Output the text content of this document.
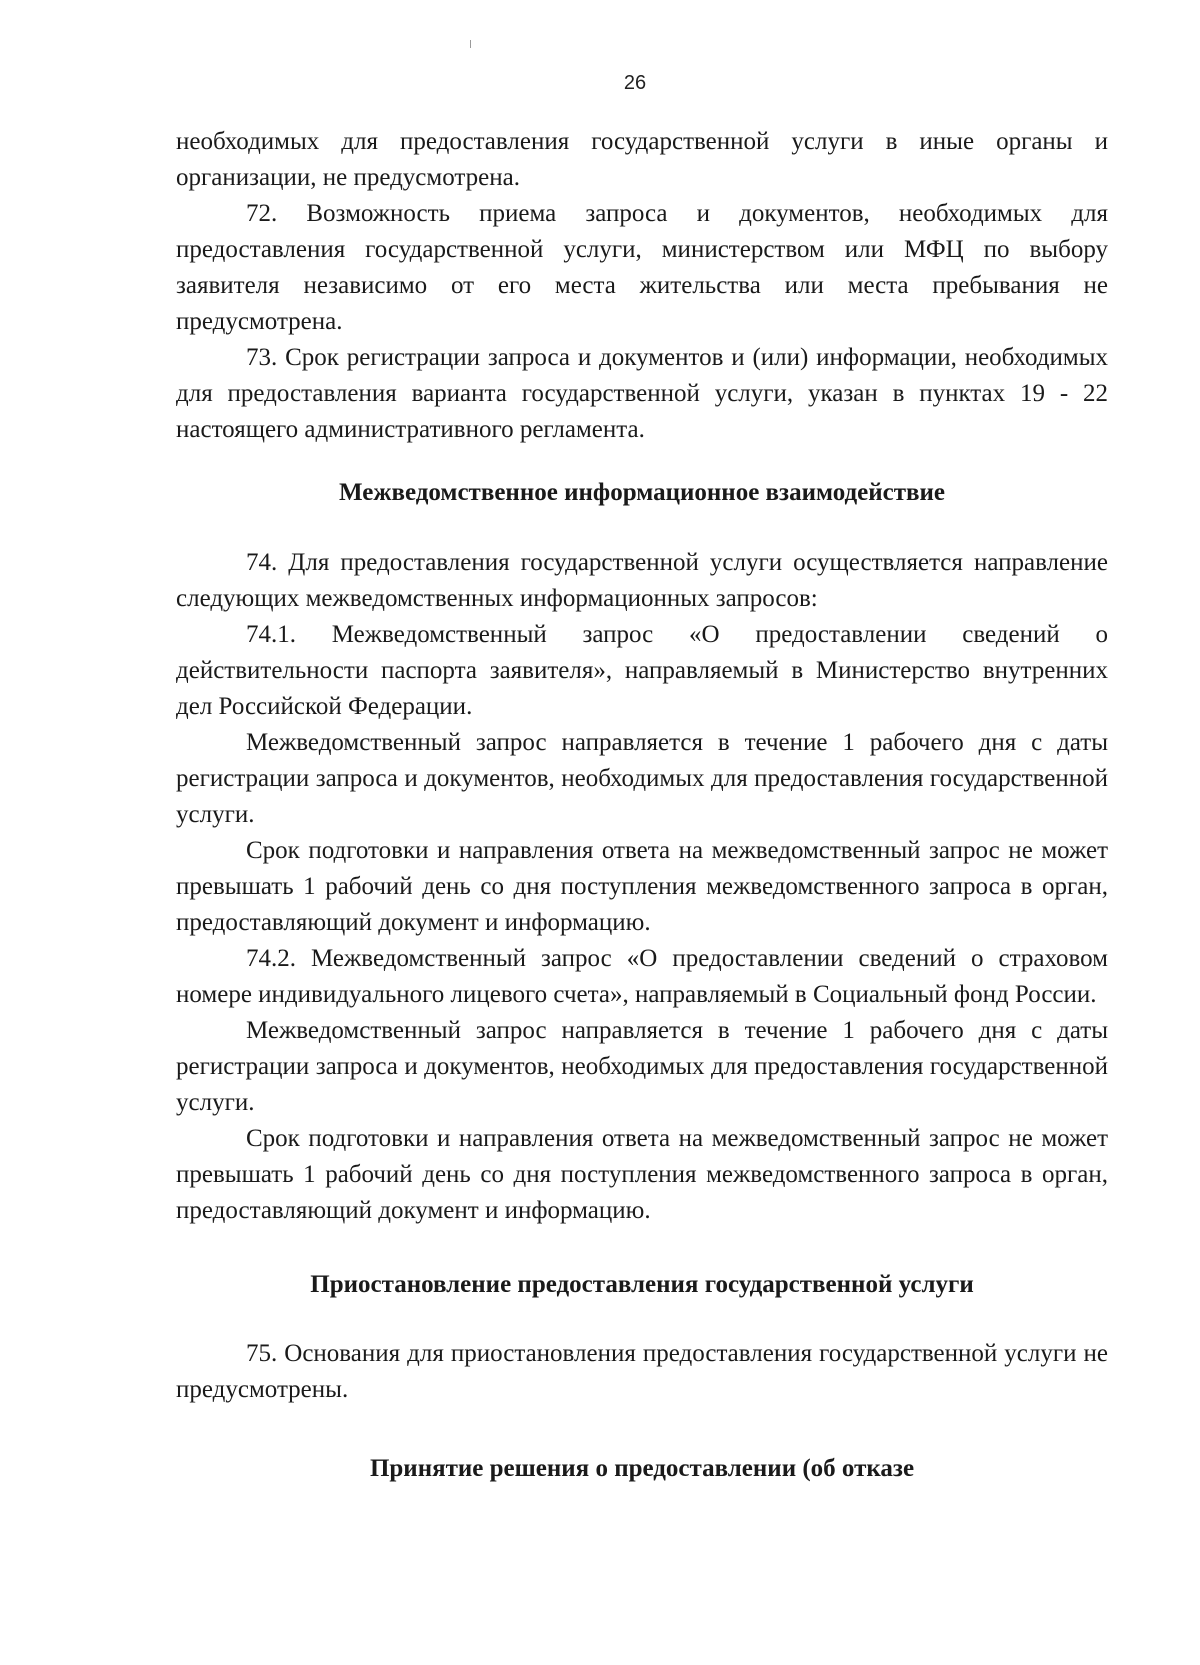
26

необходимых для предоставления государственной услуги в иные органы и организации, не предусмотрена.

72. Возможность приема запроса и документов, необходимых для предоставления государственной услуги, министерством или МФЦ по выбору заявителя независимо от его места жительства или места пребывания не предусмотрена.

73. Срок регистрации запроса и документов и (или) информации, необходимых для предоставления варианта государственной услуги, указан в пунктах 19 - 22 настоящего административного регламента.

Межведомственное информационное взаимодействие

74. Для предоставления государственной услуги осуществляется направление следующих межведомственных информационных запросов:

74.1. Межведомственный запрос «О предоставлении сведений о действительности паспорта заявителя», направляемый в Министерство внутренних дел Российской Федерации.

Межведомственный запрос направляется в течение 1 рабочего дня с даты регистрации запроса и документов, необходимых для предоставления государственной услуги.

Срок подготовки и направления ответа на межведомственный запрос не может превышать 1 рабочий день со дня поступления межведомственного запроса в орган, предоставляющий документ и информацию.

74.2. Межведомственный запрос «О предоставлении сведений о страховом номере индивидуального лицевого счета», направляемый в Социальный фонд России.

Межведомственный запрос направляется в течение 1 рабочего дня с даты регистрации запроса и документов, необходимых для предоставления государственной услуги.

Срок подготовки и направления ответа на межведомственный запрос не может превышать 1 рабочий день со дня поступления межведомственного запроса в орган, предоставляющий документ и информацию.

Приостановление предоставления государственной услуги

75. Основания для приостановления предоставления государственной услуги не предусмотрены.

Принятие решения о предоставлении (об отказе
